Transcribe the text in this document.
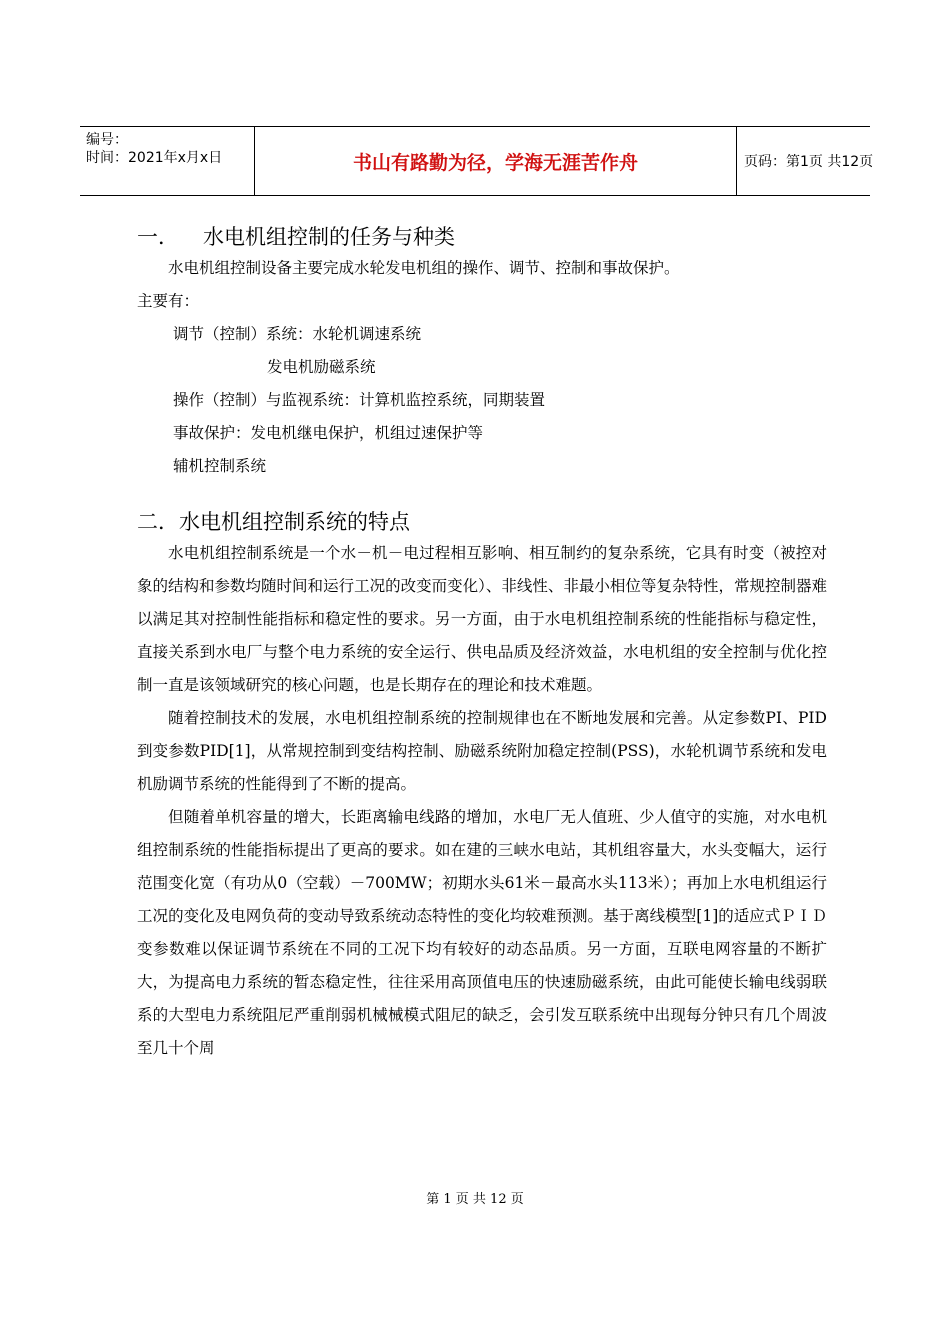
编号：
时间：2021年x月x日	书山有路勤为径，学海无涯苦作舟	页码：第1页 共12页
一． 水电机组控制的任务与种类

水电机组控制设备主要完成水轮发电机组的操作、调节、控制和事故保护。

主要有：

调节（控制）系统：水轮机调速系统

发电机励磁系统

操作（控制）与监视系统：计算机监控系统，同期装置

事故保护：发电机继电保护，机组过速保护等

辅机控制系统

二．水电机组控制系统的特点

水电机组控制系统是一个水－机－电过程相互影响、相互制约的复杂系统，它具有时变（被控对象的结构和参数均随时间和运行工况的改变而变化）、非线性、非最小相位等复杂特性，常规控制器难以满足其对控制性能指标和稳定性的要求。另一方面，由于水电机组控制系统的性能指标与稳定性，直接关系到水电厂与整个电力系统的安全运行、供电品质及经济效益，水电机组的安全控制与优化控制一直是该领域研究的核心问题，也是长期存在的理论和技术难题。

随着控制技术的发展，水电机组控制系统的控制规律也在不断地发展和完善。从定参数PI、PID到变参数PID[1]，从常规控制到变结构控制、励磁系统附加稳定控制(PSS)，水轮机调节系统和发电机励调节系统的性能得到了不断的提高。

但随着单机容量的增大，长距离输电线路的增加，水电厂无人值班、少人值守的实施，对水电机组控制系统的性能指标提出了更高的要求。如在建的三峡水电站，其机组容量大，水头变幅大，运行范围变化宽（有功从0（空载）－700MW；初期水头61米－最高水头113米）；再加上水电机组运行工况的变化及电网负荷的变动导致系统动态特性的变化均较难预测。基于离线模型[1]的适应式ＰＩＤ变参数难以保证调节系统在不同的工况下均有较好的动态品质。另一方面，互联电网容量的不断扩大，为提高电力系统的暂态稳定性，往往采用高顶值电压的快速励磁系统，由此可能使长输电线弱联系的大型电力系统阻尼严重削弱机械械模式阻尼的缺乏，会引发互联系统中出现每分钟只有几个周波至几十个周

第 1 页 共 12 页
